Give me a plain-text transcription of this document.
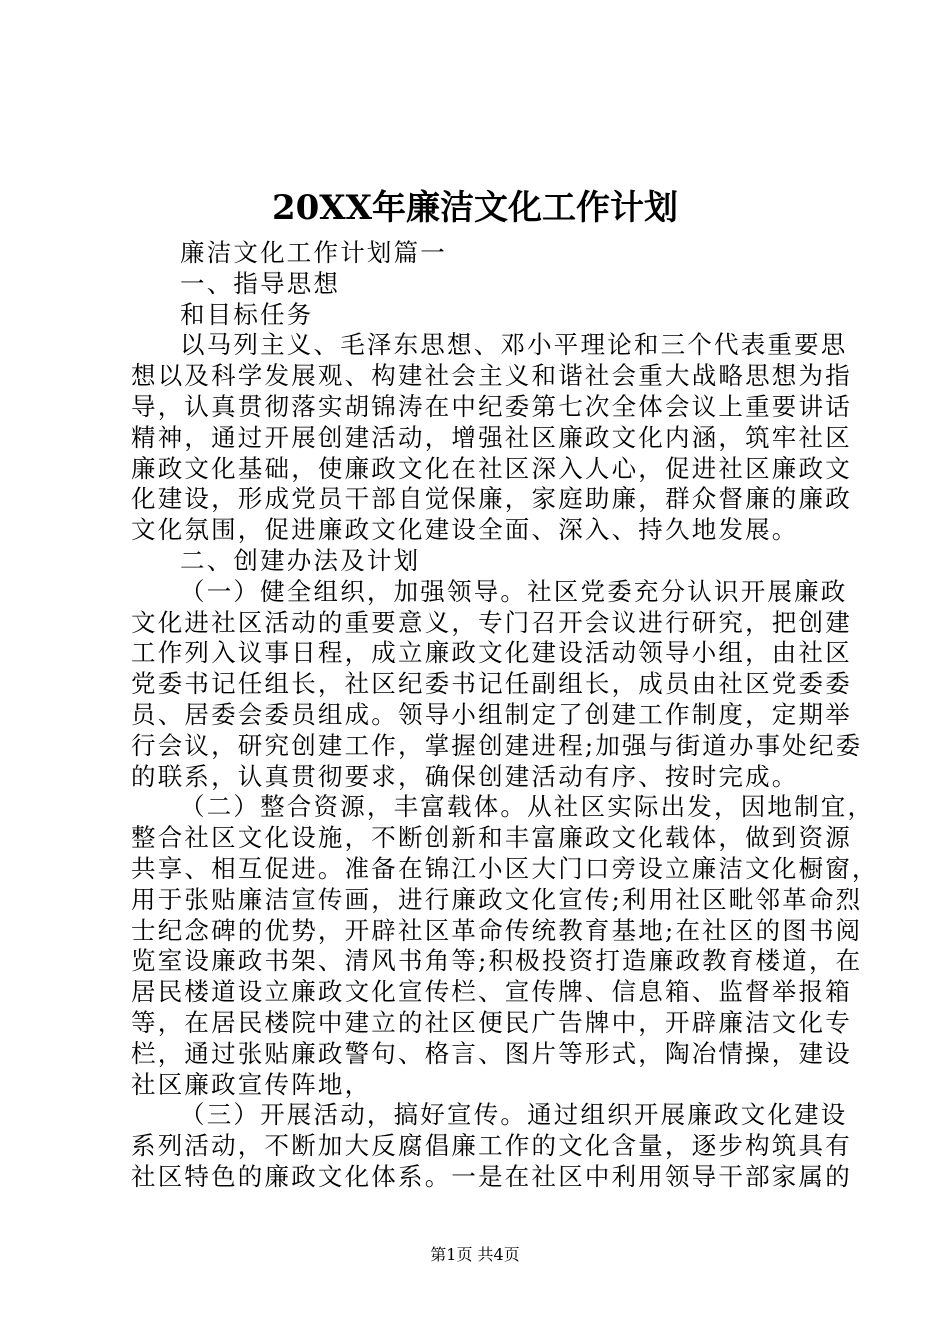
20XX年廉洁文化工作计划
廉洁文化工作计划篇一
一、指导思想
和目标任务
以马列主义、毛泽东思想、邓小平理论和三个代表重要思
想以及科学发展观、构建社会主义和谐社会重大战略思想为指
导，认真贯彻落实胡锦涛在中纪委第七次全体会议上重要讲话
精神，通过开展创建活动，增强社区廉政文化内涵，筑牢社区
廉政文化基础，使廉政文化在社区深入人心，促进社区廉政文
化建设，形成党员干部自觉保廉，家庭助廉，群众督廉的廉政
文化氛围，促进廉政文化建设全面、深入、持久地发展。
二、创建办法及计划
（一）健全组织，加强领导。社区党委充分认识开展廉政
文化进社区活动的重要意义，专门召开会议进行研究，把创建
工作列入议事日程，成立廉政文化建设活动领导小组，由社区
党委书记任组长，社区纪委书记任副组长，成员由社区党委委
员、居委会委员组成。领导小组制定了创建工作制度，定期举
行会议，研究创建工作，掌握创建进程;加强与街道办事处纪委
的联系，认真贯彻要求，确保创建活动有序、按时完成。
（二）整合资源，丰富载体。从社区实际出发，因地制宜，
整合社区文化设施，不断创新和丰富廉政文化载体，做到资源
共享、相互促进。准备在锦江小区大门口旁设立廉洁文化橱窗，
用于张贴廉洁宣传画，进行廉政文化宣传;利用社区毗邻革命烈
士纪念碑的优势，开辟社区革命传统教育基地;在社区的图书阅
览室设廉政书架、清风书角等;积极投资打造廉政教育楼道，在
居民楼道设立廉政文化宣传栏、宣传牌、信息箱、监督举报箱
等，在居民楼院中建立的社区便民广告牌中，开辟廉洁文化专
栏，通过张贴廉政警句、格言、图片等形式，陶冶情操，建设
社区廉政宣传阵地，
（三）开展活动，搞好宣传。通过组织开展廉政文化建设
系列活动，不断加大反腐倡廉工作的文化含量，逐步构筑具有
社区特色的廉政文化体系。一是在社区中利用领导干部家属的
第1页 共4页
